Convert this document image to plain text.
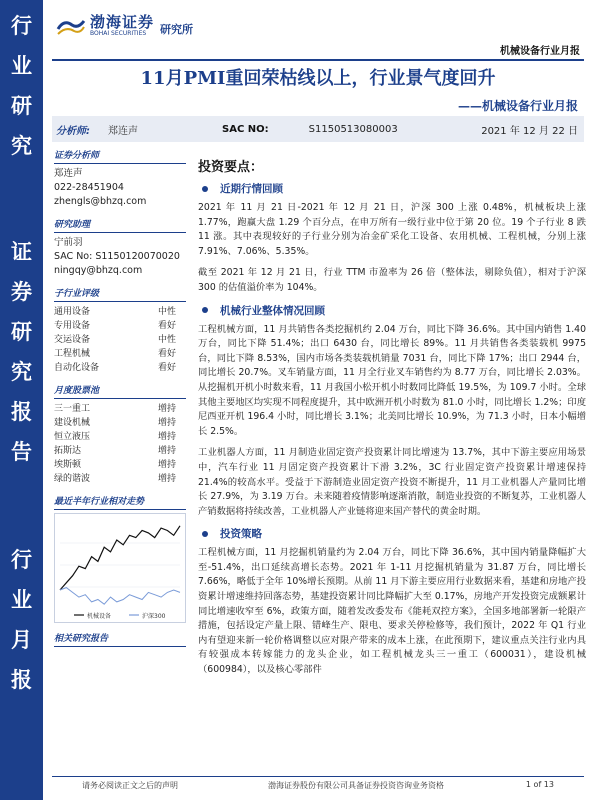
行
业
研
究
证
券
研
究
报
告
行
业
月
报
渤海证券
BOHAI SECURITIES	研究所
机械设备行业月报
11月PMI重回荣枯线以上，行业景气度回升
——机械设备行业月报
分析师: 郑连声	SAC NO:	S1150513080003	2021 年 12 月 22 日
证券分析师
郑连声
022-28451904
zhengls@bhzq.com
研究助理
宁前羽
SAC No: S1150120070020
ningqy@bhzq.com
子行业评级
通用设备	中性
专用设备	看好
交运设备	中性
工程机械	看好
自动化设备	看好
月度股票池
三一重工	增持
建设机械	增持
恒立液压	增持
拓斯达	增持
埃斯顿	增持
绿的谐波	增持
最近半年行业相对走势
机械设备	沪深300
相关研究报告
投资要点：
近期行情回顾

2021 年 11 月 21 日-2021 年 12 月 21 日，沪深 300 上涨 0.48%，机械板块上涨 1.77%，跑赢大盘 1.29 个百分点，在申万所有一级行业中位于第 20 位。19 个子行业 8 跌 11 涨。其中表现较好的子行业分别为冶金矿采化工设备、农用机械、工程机械，分别上涨 7.91%、7.06%、5.35%。

截至 2021 年 12 月 21 日，行业 TTM 市盈率为 26 倍（整体法，剔除负值），相对于沪深 300 的估值溢价率为 104%。

机械行业整体情况回顾

工程机械方面，11 月共销售各类挖掘机约 2.04 万台，同比下降 36.6%。其中国内销售 1.40 万台，同比下降 51.4%；出口 6430 台，同比增长 89%。11 月共销售各类装载机 9975 台，同比下降 8.53%，国内市场各类装载机销量 7031 台，同比下降 17%；出口 2944 台，同比增长 20.7%。叉车销量方面，11 月全行业叉车销售约为 8.77 万台，同比增长 2.03%。从挖掘机开机小时数来看，11 月我国小松开机小时数同比降低 19.5%，为 109.7 小时。全球其他主要地区均实现不同程度提升，其中欧洲开机小时数为 81.0 小时，同比增长 1.2%；印度尼西亚开机 196.4 小时，同比增长 3.1%；北美同比增长 10.9%，为 71.3 小时，日本小幅增长 2.5%。

工业机器人方面，11 月制造业固定资产投资累计同比增速为 13.7%，其中下游主要应用场景中，汽车行业 11 月固定资产投资累计下滑 3.2%，3C 行业固定资产投资累计增速保持 21.4%的较高水平。受益于下游制造业固定资产投资不断提升，11 月工业机器人产量同比增长 27.9%，为 3.19 万台。未来随着疫情影响逐渐消散，制造业投资的不断复苏，工业机器人产销数据将持续改善，工业机器人产业链将迎来国产替代的黄金时期。

投资策略

工程机械方面，11 月挖掘机销量约为 2.04 万台，同比下降 36.6%，其中国内销量降幅扩大至-51.4%，出口延续高增长态势。2021 年 1-11 月挖掘机销量为 31.87 万台，同比增长 7.66%，略低于全年 10%增长预期。从前 11 月下游主要应用行业数据来看，基建和房地产投资累计增速维持回落态势，基建投资累计同比降幅扩大至 0.17%，房地产开发投资完成额累计同比增速收窄至 6%，政策方面，随着发改委发布《能耗双控方案》，全国多地部署新一轮限产措施，包括设定产量上限、错峰生产、限电、要求关停检修等，我们预计，2022 年 Q1 行业内有望迎来新一轮价格调整以应对限产带来的成本上涨，在此预期下，建议重点关注行业内具有较强成本转嫁能力的龙头企业，如工程机械龙头三一重工（600031），建设机械（600984），以及核心零部件

请务必阅读正文之后的声明	渤海证券股份有限公司具备证券投资咨询业务资格	1 of 13
